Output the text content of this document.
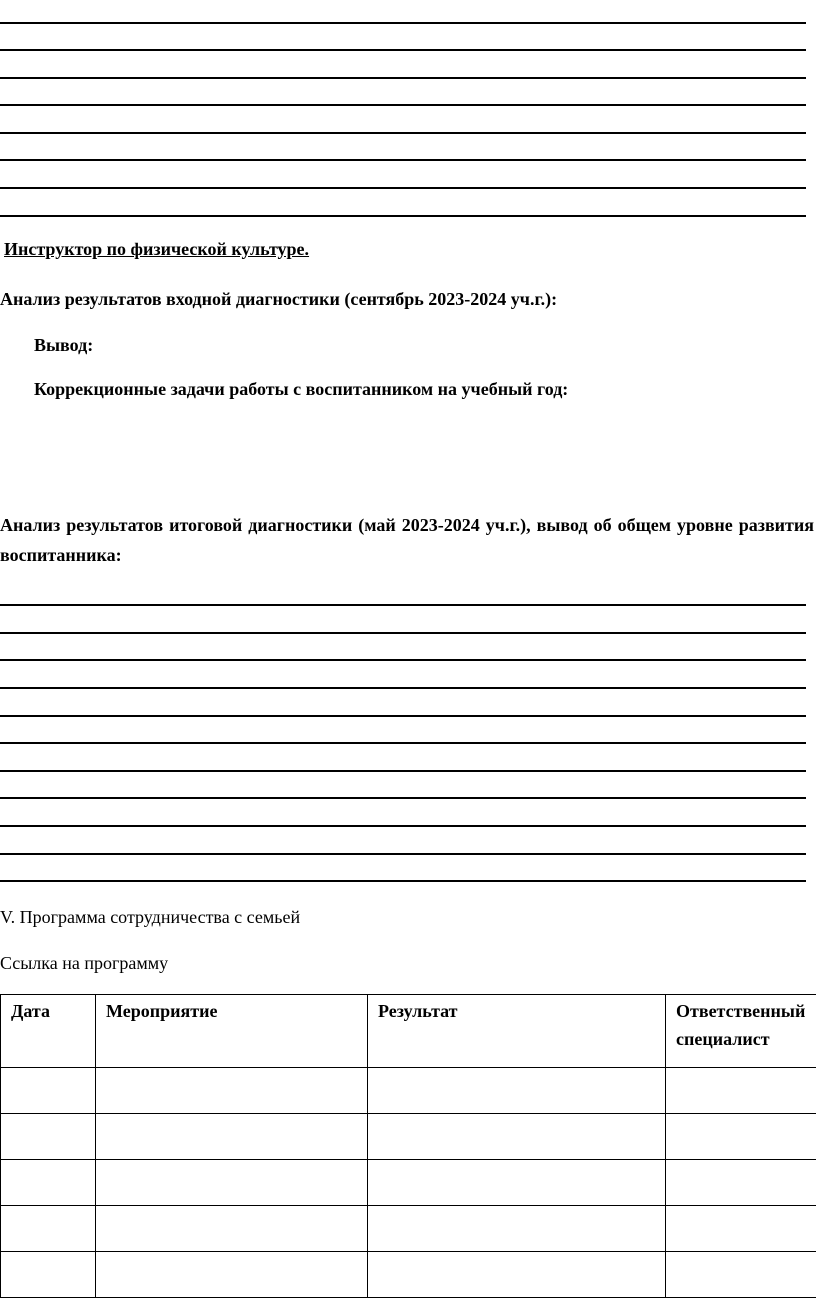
Инструктор по физической культуре.
Анализ результатов входной диагностики (сентябрь 2023-2024 уч.г.):
Вывод:
Коррекционные задачи работы с воспитанником на учебный год:
Анализ результатов итоговой диагностики (май 2023-2024 уч.г.), вывод об общем уровне развития воспитанника:
V. Программа сотрудничества с семьей
Ссылка на программу
Дата	Мероприятие	Результат	Ответственный специалист
